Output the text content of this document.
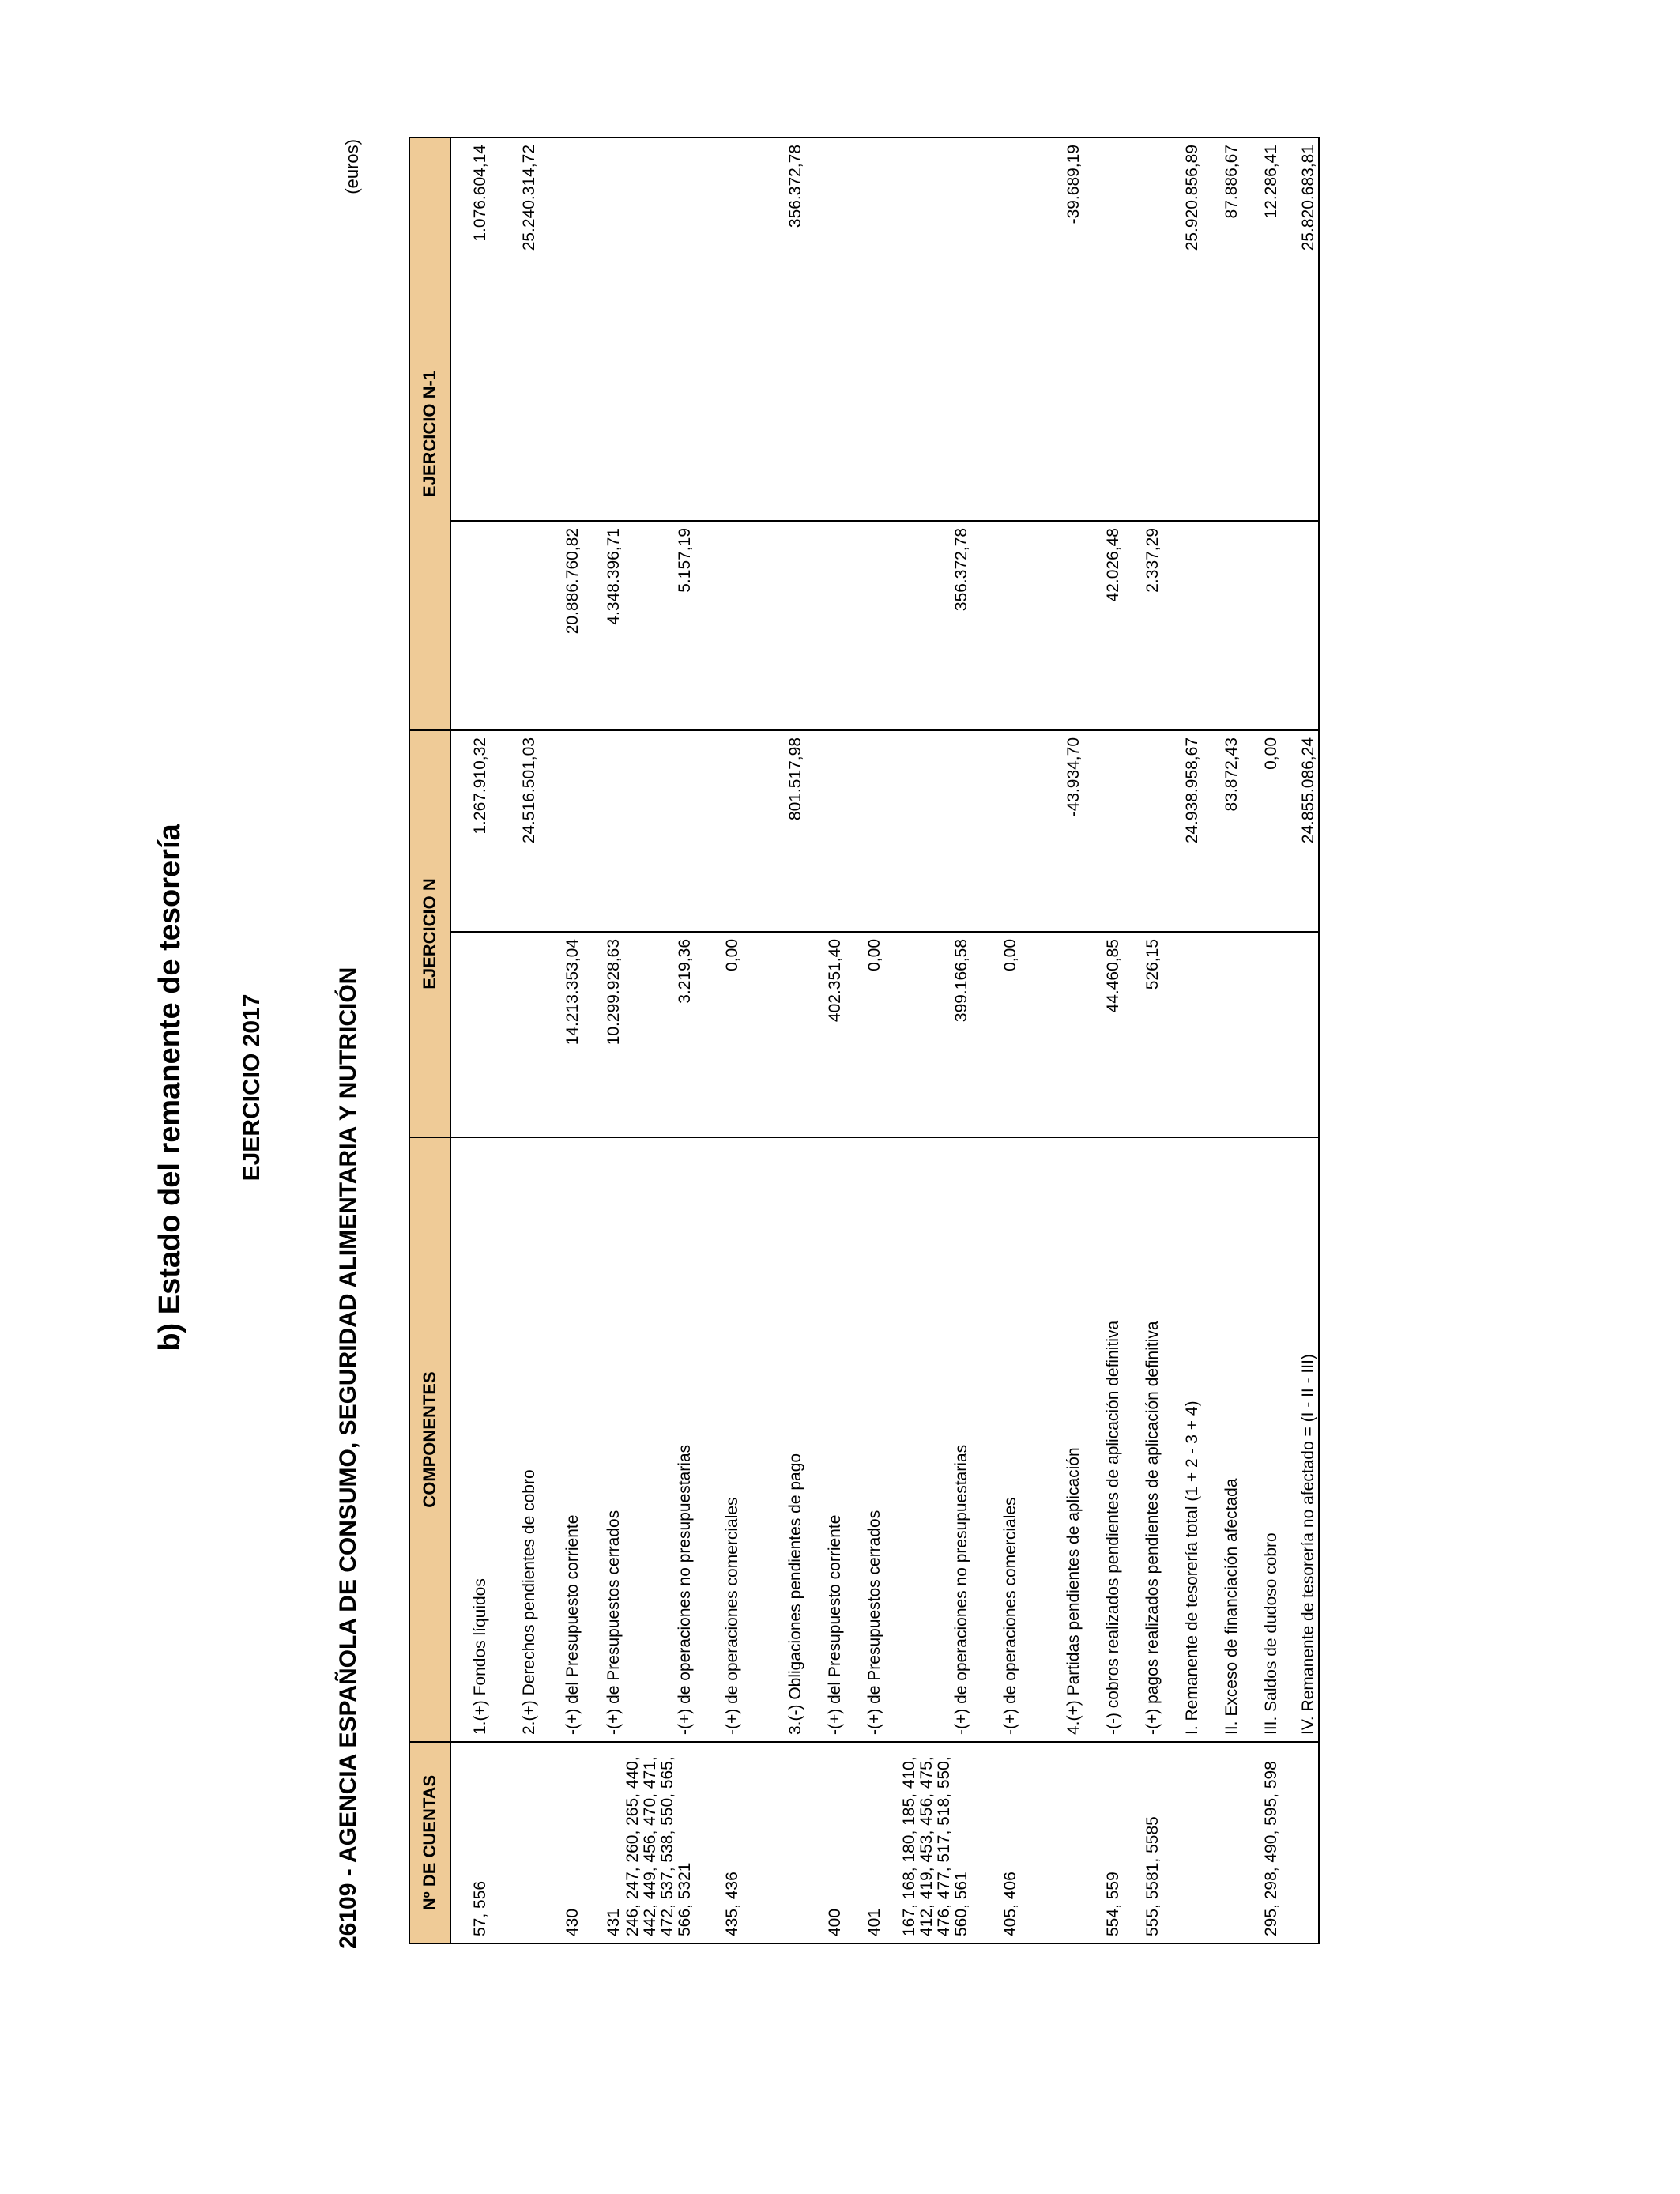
b) Estado del remanente de tesorería	EJERCICIO 2017	26109 - AGENCIA ESPAÑOLA DE CONSUMO, SEGURIDAD ALIMENTARIA Y NUTRICIÓN
(euros)
Nº DE CUENTAS	COMPONENTES	EJERCICIO N		EJERCICIO N-1	
57, 556	1.(+) Fondos líquidos		1.267.910,32		1.076.604,14
	2.(+) Derechos pendientes de cobro		24.516.501,03		25.240.314,72
430	-(+) del Presupuesto corriente	14.213.353,04		20.886.760,82	
431	-(+) de Presupuestos cerrados	10.299.928,63		4.348.396,71	
246, 247, 260, 265, 440, 442, 449, 456, 470, 471, 472, 537, 538, 550, 565, 566, 5321	-(+) de operaciones no presupuestarias	3.219,36		5.157,19	
435, 436	-(+) de operaciones comerciales	0,00			
	3.(-) Obligaciones pendientes de pago		801.517,98		356.372,78
400	-(+) del Presupuesto corriente	402.351,40			
401	-(+) de Presupuestos cerrados	0,00			
167, 168, 180, 185, 410, 412, 419, 453, 456, 475, 476, 477, 517, 518, 550, 560, 561	-(+) de operaciones no presupuestarias	399.166,58		356.372,78	
405, 406	-(+) de operaciones comerciales	0,00			
	4.(+) Partidas pendientes de aplicación		-43.934,70		-39.689,19
554, 559	-(-) cobros realizados pendientes de aplicación definitiva	44.460,85		42.026,48	
555, 5581, 5585	-(+) pagos realizados pendientes de aplicación definitiva	526,15		2.337,29	
	I. Remanente de tesorería total (1 + 2 - 3 + 4)		24.938.958,67		25.920.856,89
	II. Exceso de financiación afectada		83.872,43		87.886,67
295, 298, 490, 595, 598	III. Saldos de dudoso cobro		0,00		12.286,41
	IV. Remanente de tesorería no afectado = (I - II - III)		24.855.086,24		25.820.683,81
